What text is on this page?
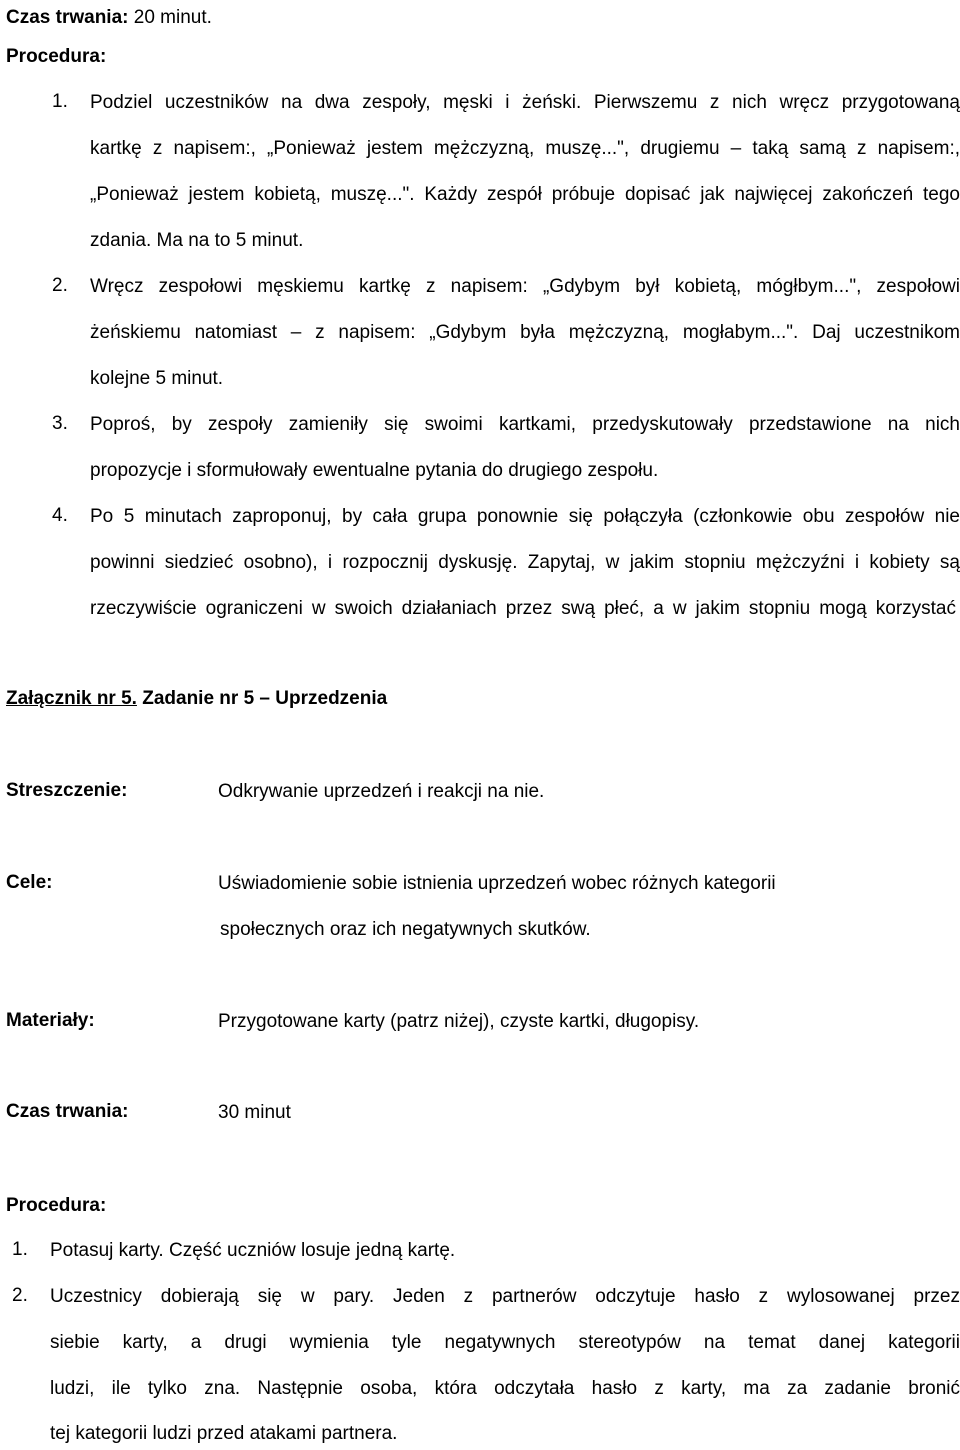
Czas trwania: 20 minut.
Procedura:
1. Podziel uczestników na dwa zespoły, męski i żeński. Pierwszemu z nich wręcz przygotowaną
kartkę z napisem:, „Ponieważ jestem mężczyzną, muszę...", drugiemu – taką samą z napisem:,
„Ponieważ jestem kobietą, muszę...". Każdy zespół próbuje dopisać jak najwięcej zakończeń tego
zdania. Ma na to 5 minut.
2. Wręcz zespołowi męskiemu kartkę z napisem: „Gdybym był kobietą, mógłbym...", zespołowi
żeńskiemu natomiast – z napisem: „Gdybym była mężczyzną, mogłabym...". Daj uczestnikom
kolejne 5 minut.
3. Poproś, by zespoły zamieniły się swoimi kartkami, przedyskutowały przedstawione na nich
propozycje i sformułowały ewentualne pytania do drugiego zespołu.
4. Po 5 minutach zaproponuj, by cała grupa ponownie się połączyła (członkowie obu zespołów nie
powinni siedzieć osobno), i rozpocznij dyskusję. Zapytaj, w jakim stopniu mężczyźni i kobiety są
rzeczywiście ograniczeni w swoich działaniach przez swą płeć, a w jakim stopniu mogą korzystać
Załącznik nr 5. Zadanie nr 5 – Uprzedzenia
Streszczenie:	Odkrywanie uprzedzeń i reakcji na nie.
Cele:	Uświadomienie sobie istnienia uprzedzeń wobec różnych kategorii
społecznych oraz ich negatywnych skutków.
Materiały:	Przygotowane karty (patrz niżej), czyste kartki, długopisy.
Czas trwania:	30 minut
Procedura:
1. Potasuj karty. Część uczniów losuje jedną kartę.
2. Uczestnicy dobierają się w pary. Jeden z partnerów odczytuje hasło z wylosowanej przez
siebie karty, a drugi wymienia tyle negatywnych stereotypów na temat danej kategorii
ludzi, ile tylko zna. Następnie osoba, która odczytała hasło z karty, ma za zadanie bronić
tej kategorii ludzi przed atakami partnera.
